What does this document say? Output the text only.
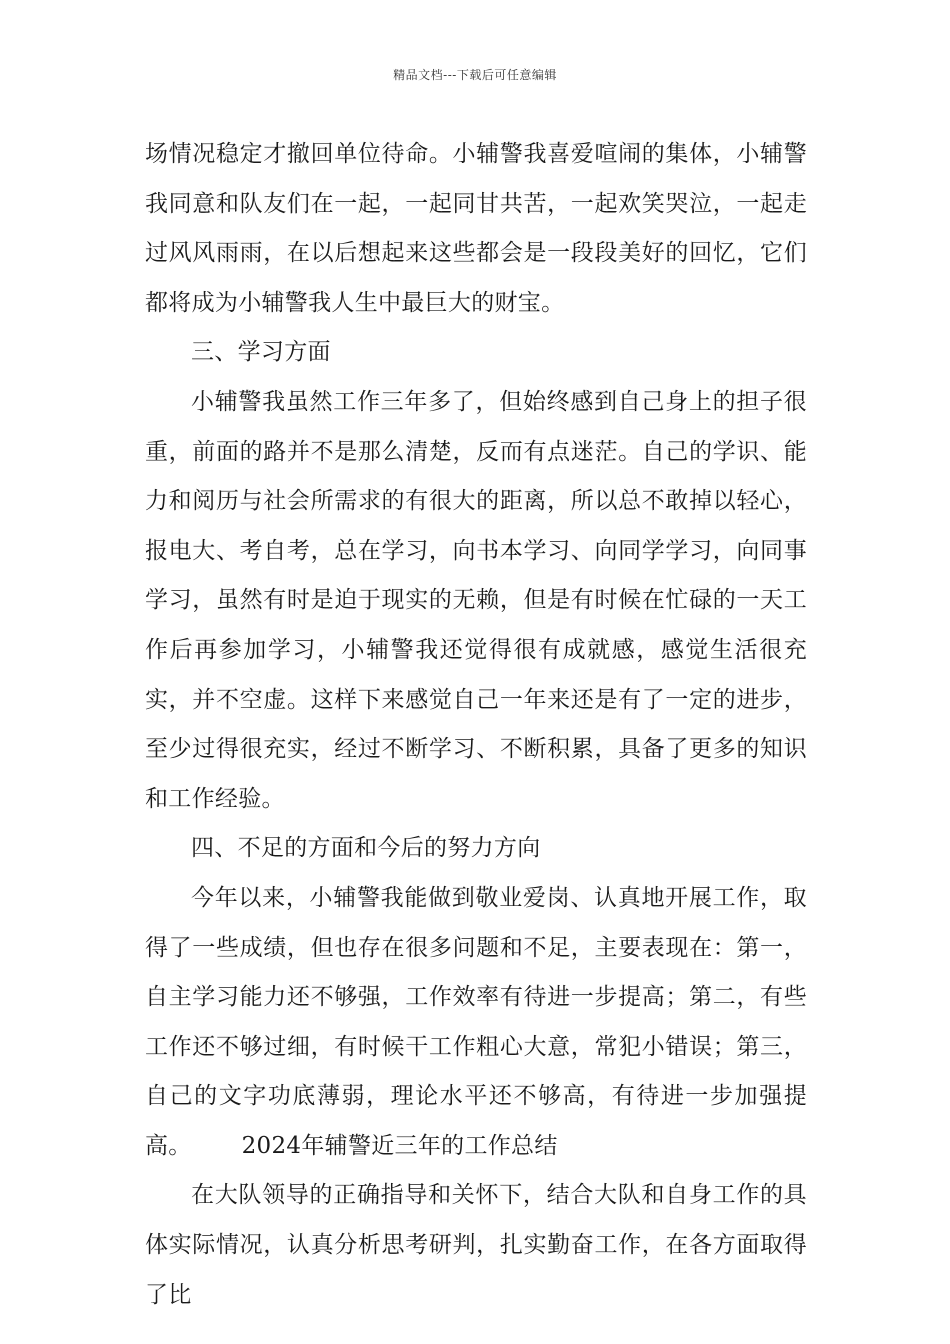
精品文档---下载后可任意编辑

场情况稳定才撤回单位待命。小辅警我喜爱喧闹的集体，小辅警我同意和队友们在一起，一起同甘共苦，一起欢笑哭泣，一起走过风风雨雨，在以后想起来这些都会是一段段美好的回忆，它们都将成为小辅警我人生中最巨大的财宝。

三、学习方面

小辅警我虽然工作三年多了，但始终感到自己身上的担子很重，前面的路并不是那么清楚，反而有点迷茫。自己的学识、能力和阅历与社会所需求的有很大的距离，所以总不敢掉以轻心，报电大、考自考，总在学习，向书本学习、向同学学习，向同事学习，虽然有时是迫于现实的无赖，但是有时候在忙碌的一天工作后再参加学习，小辅警我还觉得很有成就感，感觉生活很充实，并不空虚。这样下来感觉自己一年来还是有了一定的进步，至少过得很充实，经过不断学习、不断积累，具备了更多的知识和工作经验。

四、不足的方面和今后的努力方向

今年以来，小辅警我能做到敬业爱岗、认真地开展工作，取得了一些成绩，但也存在很多问题和不足，主要表现在：第一，自主学习能力还不够强，工作效率有待进一步提高；第二，有些工作还不够过细，有时候干工作粗心大意，常犯小错误；第三，自己的文字功底薄弱，理论水平还不够高，有待进一步加强提高。 2024年辅警近三年的工作总结

在大队领导的正确指导和关怀下，结合大队和自身工作的具体实际情况，认真分析思考研判，扎实勤奋工作，在各方面取得了比
